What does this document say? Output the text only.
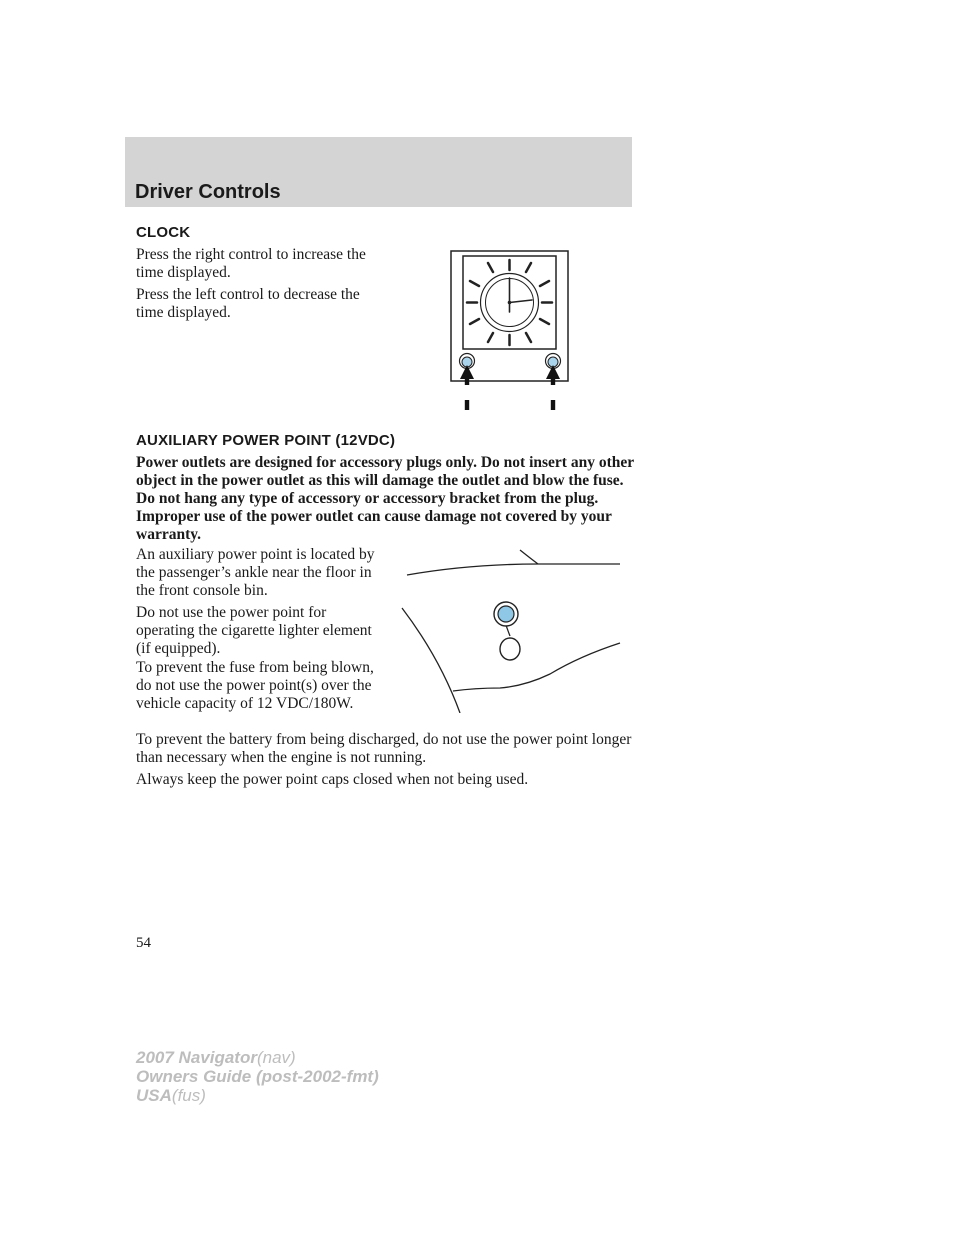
Driver Controls
CLOCK

Press the right control to increase the time displayed.

Press the left control to decrease the time displayed.

AUXILIARY POWER POINT (12VDC)

Power outlets are designed for accessory plugs only. Do not insert any other object in the power outlet as this will damage the outlet and blow the fuse. Do not hang any type of accessory or accessory bracket from the plug. Improper use of the power outlet can cause damage not covered by your warranty.

An auxiliary power point is located by the passenger’s ankle near the floor in the front console bin.

Do not use the power point for operating the cigarette lighter element (if equipped).

To prevent the fuse from being blown, do not use the power point(s) over the vehicle capacity of 12 VDC/180W.

To prevent the battery from being discharged, do not use the power point longer than necessary when the engine is not running.

Always keep the power point caps closed when not being used.

54
2007 Navigator(nav)
Owners Guide (post-2002-fmt)
USA(fus)
